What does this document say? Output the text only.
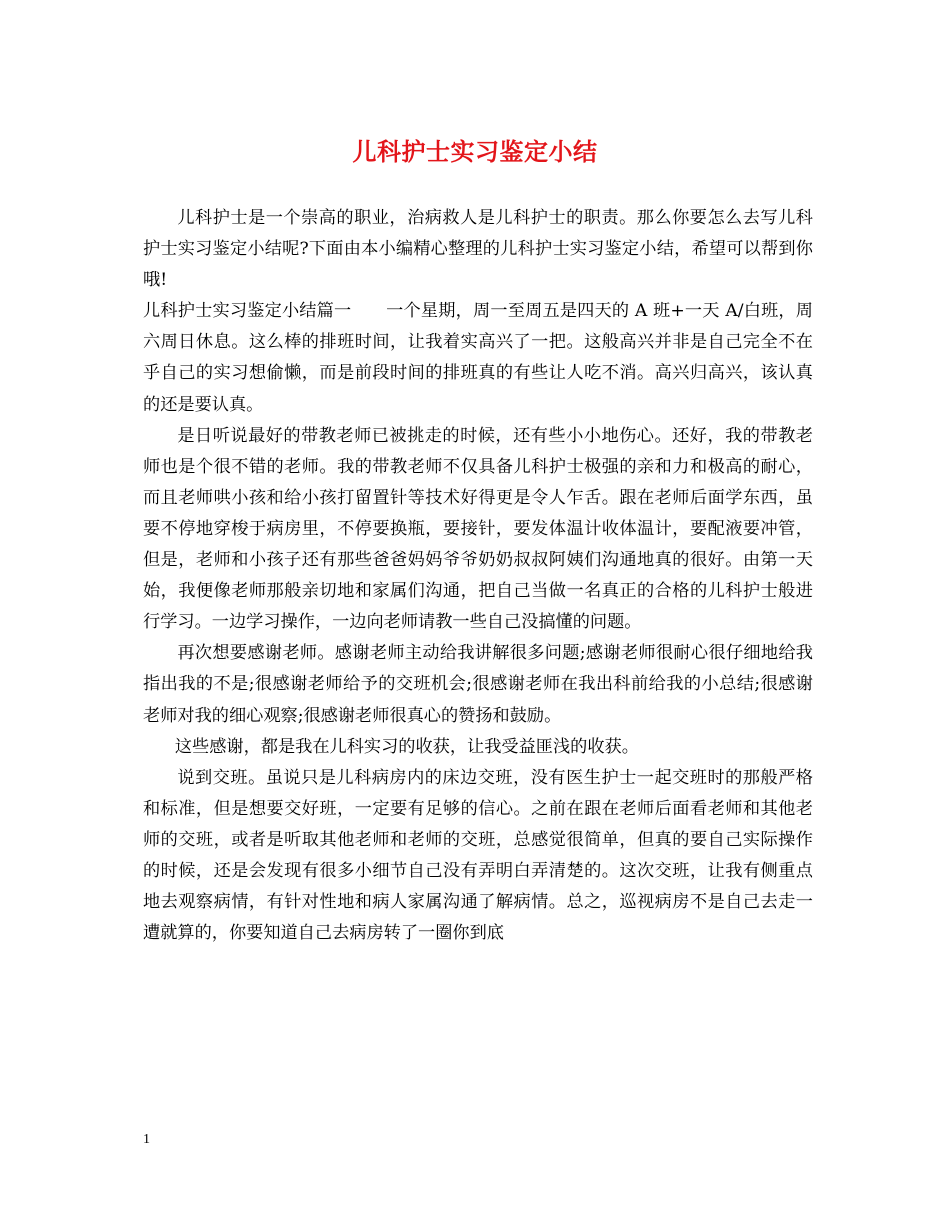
儿科护士实习鉴定小结

儿科护士是一个崇高的职业，治病救人是儿科护士的职责。那么你要怎么去写儿科护士实习鉴定小结呢?下面由本小编精心整理的儿科护士实习鉴定小结，希望可以帮到你哦!

儿科护士实习鉴定小结篇一　　一个星期，周一至周五是四天的 A 班+一天 A/白班，周六周日休息。这么棒的排班时间，让我着实高兴了一把。这般高兴并非是自己完全不在乎自己的实习想偷懒，而是前段时间的排班真的有些让人吃不消。高兴归高兴，该认真的还是要认真。

是日听说最好的带教老师已被挑走的时候，还有些小小地伤心。还好，我的带教老师也是个很不错的老师。我的带教老师不仅具备儿科护士极强的亲和力和极高的耐心，而且老师哄小孩和给小孩打留置针等技术好得更是令人乍舌。跟在老师后面学东西，虽要不停地穿梭于病房里，不停要换瓶，要接针，要发体温计收体温计，要配液要冲管，但是，老师和小孩子还有那些爸爸妈妈爷爷奶奶叔叔阿姨们沟通地真的很好。由第一天始，我便像老师那般亲切地和家属们沟通，把自己当做一名真正的合格的儿科护士般进行学习。一边学习操作，一边向老师请教一些自己没搞懂的问题。

再次想要感谢老师。感谢老师主动给我讲解很多问题;感谢老师很耐心很仔细地给我指出我的不是;很感谢老师给予的交班机会;很感谢老师在我出科前给我的小总结;很感谢老师对我的细心观察;很感谢老师很真心的赞扬和鼓励。

这些感谢，都是我在儿科实习的收获，让我受益匪浅的收获。

说到交班。虽说只是儿科病房内的床边交班，没有医生护士一起交班时的那般严格和标准，但是想要交好班，一定要有足够的信心。之前在跟在老师后面看老师和其他老师的交班，或者是听取其他老师和老师的交班，总感觉很简单，但真的要自己实际操作的时候，还是会发现有很多小细节自己没有弄明白弄清楚的。这次交班，让我有侧重点地去观察病情，有针对性地和病人家属沟通了解病情。总之，巡视病房不是自己去走一遭就算的，你要知道自己去病房转了一圈你到底

1
